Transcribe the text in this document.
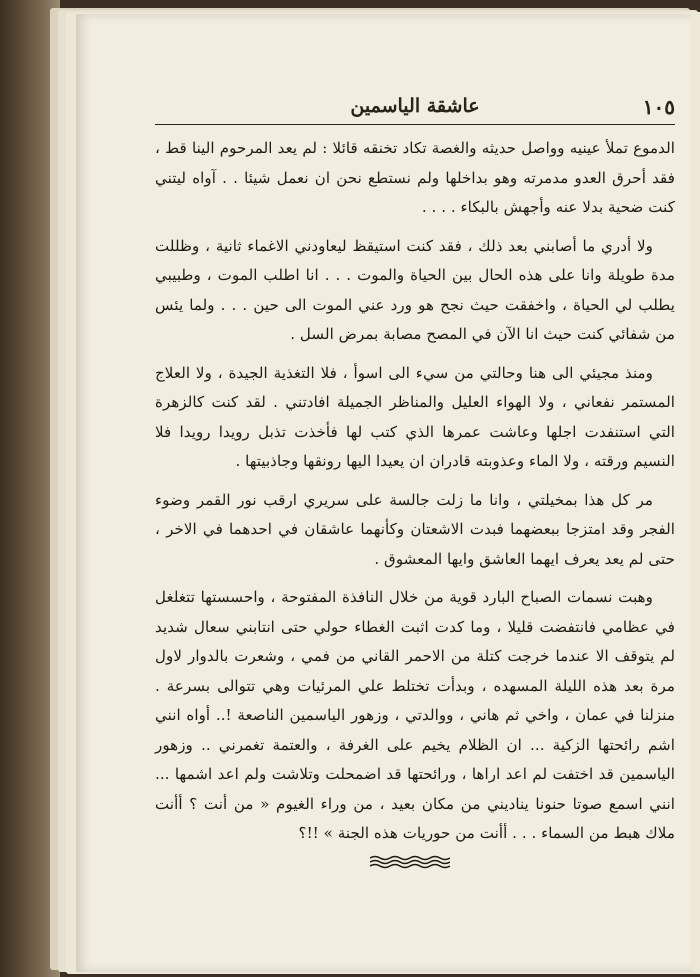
١٠٥
عاشقة الياسمين

الدموع تملأ عينيه وواصل حديثه والغصة تكاد تخنقه قائلا : لم يعد المرحوم الينا قط ، فقد أحرق العدو مدمرته وهو بداخلها ولم نستطع نحن ان نعمل شيئا . . آواه ليتني كنت ضحية بدلا عنه وأجهش بالبكاء . . . .

ولا أدري ما أصابني بعد ذلك ، فقد كنت استيقظ ليعاودني الاغماء ثانية ، وظللت مدة طويلة وانا على هذه الحال بين الحياة والموت . . . انا اطلب الموت ، وطبيبي يطلب لي الحياة ، واخفقت حيث نجح هو ورد عني الموت الى حين . . . ولما يئس من شفائي كنت حيث انا الآن في المصح مصابة بمرض السل .

ومنذ مجيئي الى هنا وحالتي من سيء الى اسوأ ، فلا التغذية الجيدة ، ولا العلاج المستمر نفعاني ، ولا الهواء العليل والمناظر الجميلة افادتني . لقد كنت كالزهرة التي استنفدت اجلها وعاشت عمرها الذي كتب لها فأخذت تذبل رويدا رويدا فلا النسيم ورقته ، ولا الماء وعذوبته قادران ان يعيدا اليها رونقها وجاذبيتها .

مر كل هذا بمخيلتي ، وانا ما زلت جالسة على سريري ارقب نور القمر وضوء الفجر وقد امتزجا ببعضهما فبدت الاشعتان وكأنهما عاشقان في احدهما في الاخر ، حتى لم يعد يعرف ايهما العاشق وايها المعشوق .

وهبت نسمات الصباح البارد قوية من خلال النافذة المفتوحة ، واحسستها تتغلغل في عظامي فانتفضت قليلا ، وما كدت اثبت الغطاء حولي حتى انتابني سعال شديد لم يتوقف الا عندما خرجت كتلة من الاحمر القاني من فمي ، وشعرت بالدوار لاول مرة بعد هذه الليلة المسهده ، وبدأت تختلط علي المرئيات وهي تتوالى بسرعة . منزلنا في عمان ، واخي ثم هاني ، ووالدتي ، وزهور الياسمين الناصعة !.. أواه انني اشم رائحتها الزكية ... ان الظلام يخيم على الغرفة ، والعتمة تغمرني .. وزهور الياسمين قد اختفت لم اعد اراها ، ورائحتها قد اضمحلت وتلاشت ولم اعد اشمها ... انني اسمع صوتا حنونا يناديني من مكان بعيد ، من وراء الغيوم « من أنت ؟ أأنت ملاك هبط من السماء . . . أأنت من حوريات هذه الجنة » !!؟
